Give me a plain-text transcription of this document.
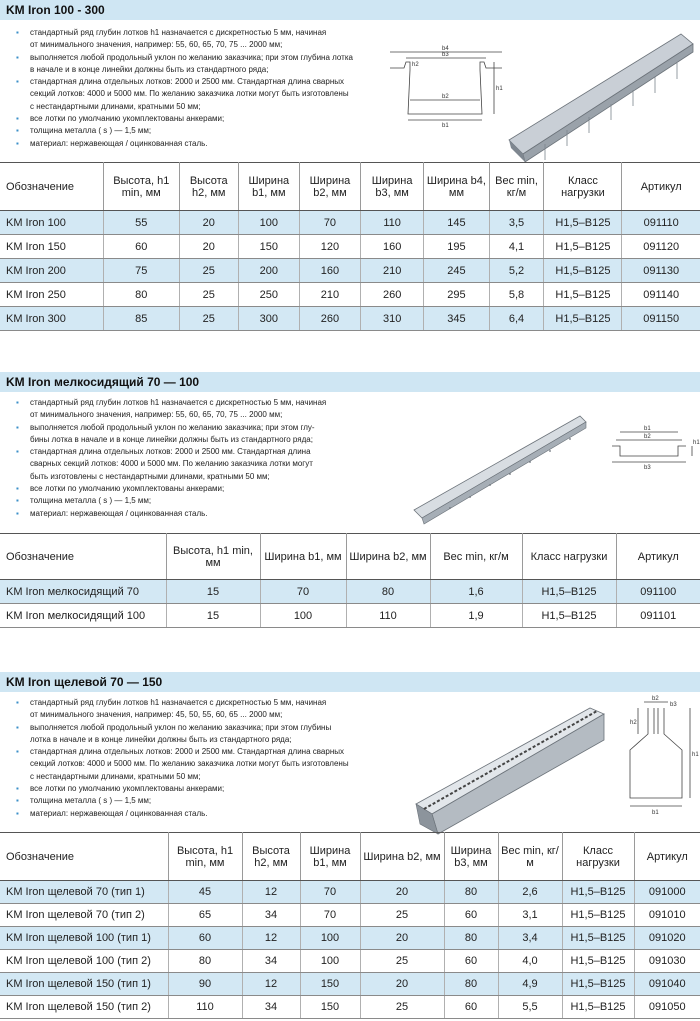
KM Iron 100 - 300
▪ стандартный ряд глубин лотков h1 назначается с дискретностью 5 мм, начиная
от минимального значения, например: 55, 60, 65, 70, 75 ... 2000 мм;
▪ выполняется любой продольный уклон по желанию заказчика; при этом глубина лотка
в начале и в конце линейки должны быть из стандартного ряда;
▪ стандартная длина отдельных лотков: 2000 и 2500 мм. Стандартная длина сварных
секций лотков: 4000 и 5000 мм. По желанию заказчика лотки могут быть изготовлены
с нестандартными длинами, кратными 50 мм;
▪ все лотки по умолчанию укомплектованы анкерами;
▪ толщина металла ( s ) — 1,5 мм;
▪ материал: нержавеющая / оцинкованная сталь.
b4
b3
b2
b1
h1
h2
Обозначение	Высота, h1 min, мм	Высота h2, мм	Ширина b1, мм	Ширина b2, мм	Ширина b3, мм	Ширина b4, мм	Вес min, кг/м	Класс нагрузки	Артикул
KM Iron 100	55	20	100	70	110	145	3,5	H1,5–B125	091110
KM Iron 150	60	20	150	120	160	195	4,1	H1,5–B125	091120
KM Iron 200	75	25	200	160	210	245	5,2	H1,5–B125	091130
KM Iron 250	80	25	250	210	260	295	5,8	H1,5–B125	091140
KM Iron 300	85	25	300	260	310	345	6,4	H1,5–B125	091150
KM Iron мелкосидящий 70 — 100
▪ стандартный ряд глубин лотков h1 назначается с дискретностью 5 мм, начиная
от минимального значения, например: 55, 60, 65, 70, 75 ... 2000 мм;
▪ выполняется любой продольный уклон по желанию заказчика; при этом глу-
бины лотка в начале и в конце линейки должны быть из стандартного ряда;
▪ стандартная длина отдельных лотков: 2000 и 2500 мм. Стандартная длина
сварных секций лотков: 4000 и 5000 мм. По желанию заказчика лотки могут
быть изготовлены с нестандартными длинами, кратными 50 мм;
▪ все лотки по умолчанию укомплектованы анкерами;
▪ толщина металла ( s ) — 1,5 мм;
▪ материал: нержавеющая / оцинкованная сталь.
b1
b2
b3
h1
Обозначение	Высота, h1 min, мм	Ширина b1, мм	Ширина b2, мм	Вес min, кг/м	Класс нагрузки	Артикул
KM Iron мелкосидящий 70	15	70	80	1,6	H1,5–B125	091100
KM Iron мелкосидящий 100	15	100	110	1,9	H1,5–B125	091101
KM Iron щелевой 70 — 150
▪ стандартный ряд глубин лотков h1 назначается с дискретностью 5 мм, начиная
от минимального значения, например: 45, 50, 55, 60, 65 ... 2000 мм;
▪ выполняется любой продольный уклон по желанию заказчика; при этом глубины
лотка в начале и в конце линейки должны быть из стандартного ряда;
▪ стандартная длина отдельных лотков: 2000 и 2500 мм. Стандартная длина сварных
секций лотков: 4000 и 5000 мм. По желанию заказчика лотки могут быть изготовлены
с нестандартными длинами, кратными 50 мм;
▪ все лотки по умолчанию укомплектованы анкерами;
▪ толщина металла ( s ) — 1,5 мм;
▪ материал: нержавеющая / оцинкованная сталь.
b2
b3
h2
h1
b1
Обозначение	Высота, h1 min, мм	Высота h2, мм	Ширина b1, мм	Ширина b2, мм	Ширина b3, мм	Вес min, кг/м	Класс нагрузки	Артикул
KM Iron щелевой 70 (тип 1)	45	12	70	20	80	2,6	H1,5–B125	091000
KM Iron щелевой 70 (тип 2)	65	34	70	25	60	3,1	H1,5–B125	091010
KM Iron щелевой 100 (тип 1)	60	12	100	20	80	3,4	H1,5–B125	091020
KM Iron щелевой 100 (тип 2)	80	34	100	25	60	4,0	H1,5–B125	091030
KM Iron щелевой 150 (тип 1)	90	12	150	20	80	4,9	H1,5–B125	091040
KM Iron щелевой 150 (тип 2)	110	34	150	25	60	5,5	H1,5–B125	091050
